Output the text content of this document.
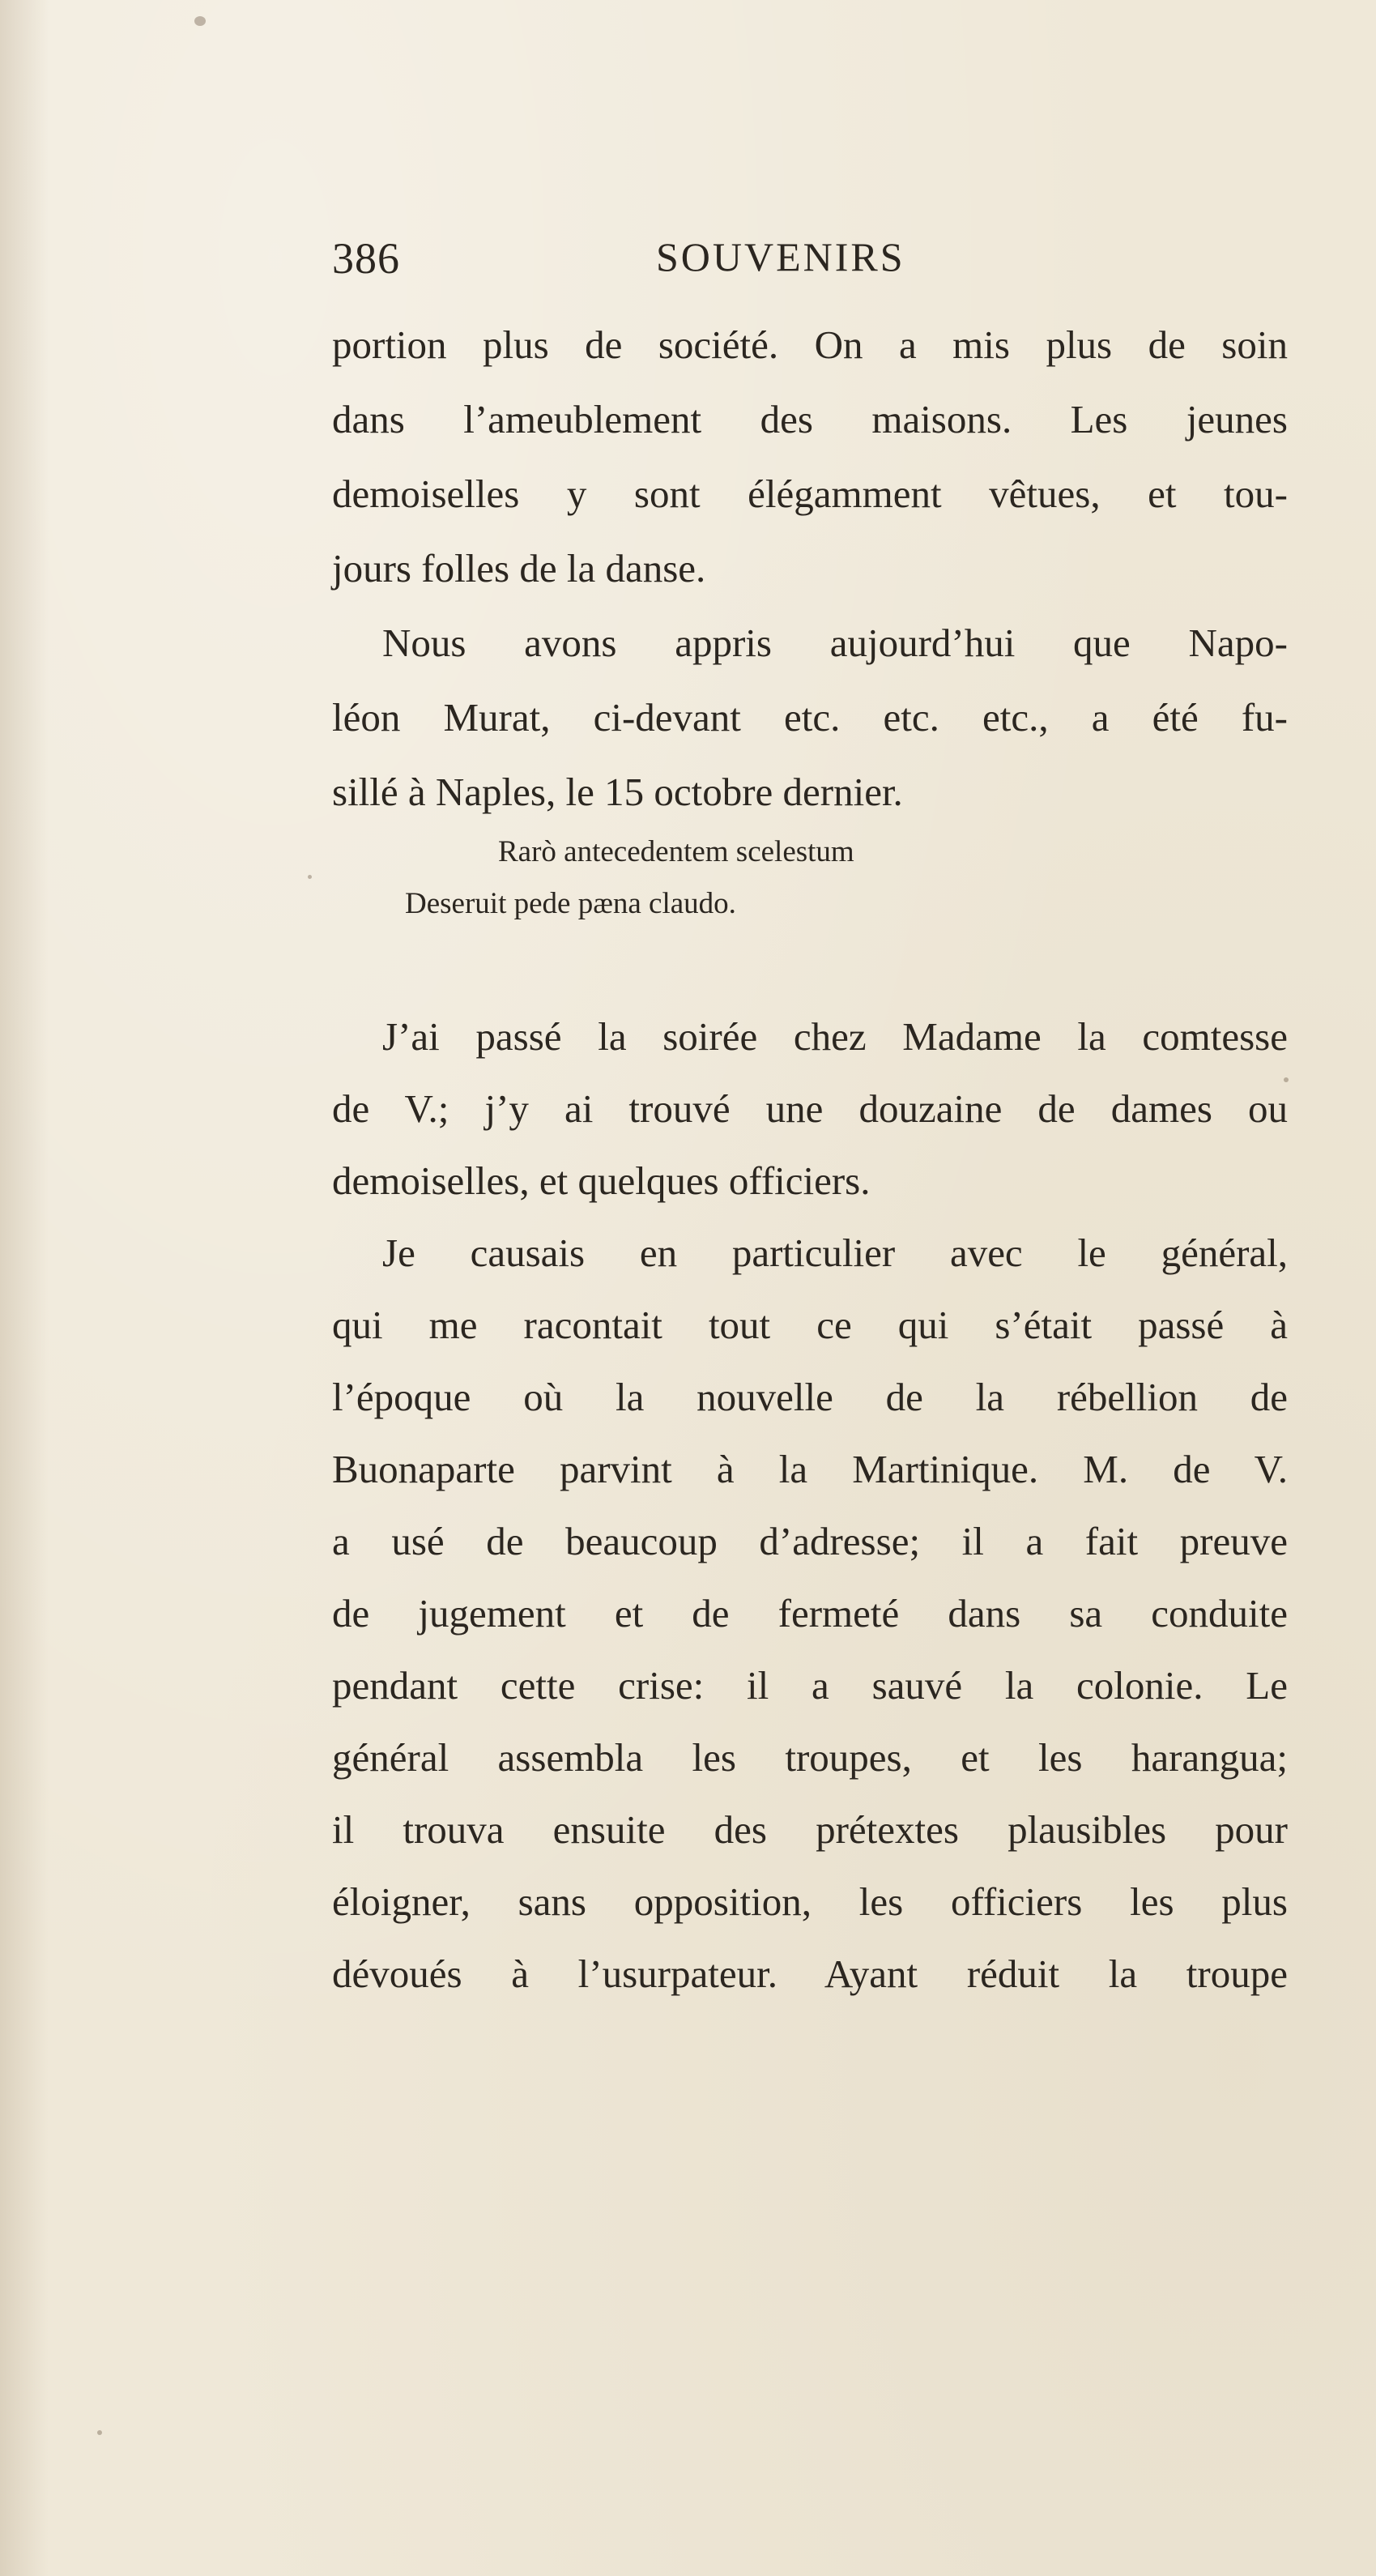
386	SOUVENIRS
portion plus de société. On a mis plus de soin
dans l’ameublement des maisons. Les jeunes
demoiselles y sont élégamment vêtues, et tou-
jours folles de la danse.
Nous avons appris aujourd’hui que Napo-
léon Murat, ci-devant etc. etc. etc., a été fu-
sillé à Naples, le 15 octobre dernier.
Rarò antecedentem scelestum
Deseruit pede pæna claudo.
J’ai passé la soirée chez Madame la comtesse
de V.; j’y ai trouvé une douzaine de dames ou
demoiselles, et quelques officiers.
Je causais en particulier avec le général,
qui me racontait tout ce qui s’était passé à
l’époque où la nouvelle de la rébellion de
Buonaparte parvint à la Martinique. M. de V.
a usé de beaucoup d’adresse; il a fait preuve
de jugement et de fermeté dans sa conduite
pendant cette crise: il a sauvé la colonie. Le
général assembla les troupes, et les harangua;
il trouva ensuite des prétextes plausibles pour
éloigner, sans opposition, les officiers les plus
dévoués à l’usurpateur. Ayant réduit la troupe
